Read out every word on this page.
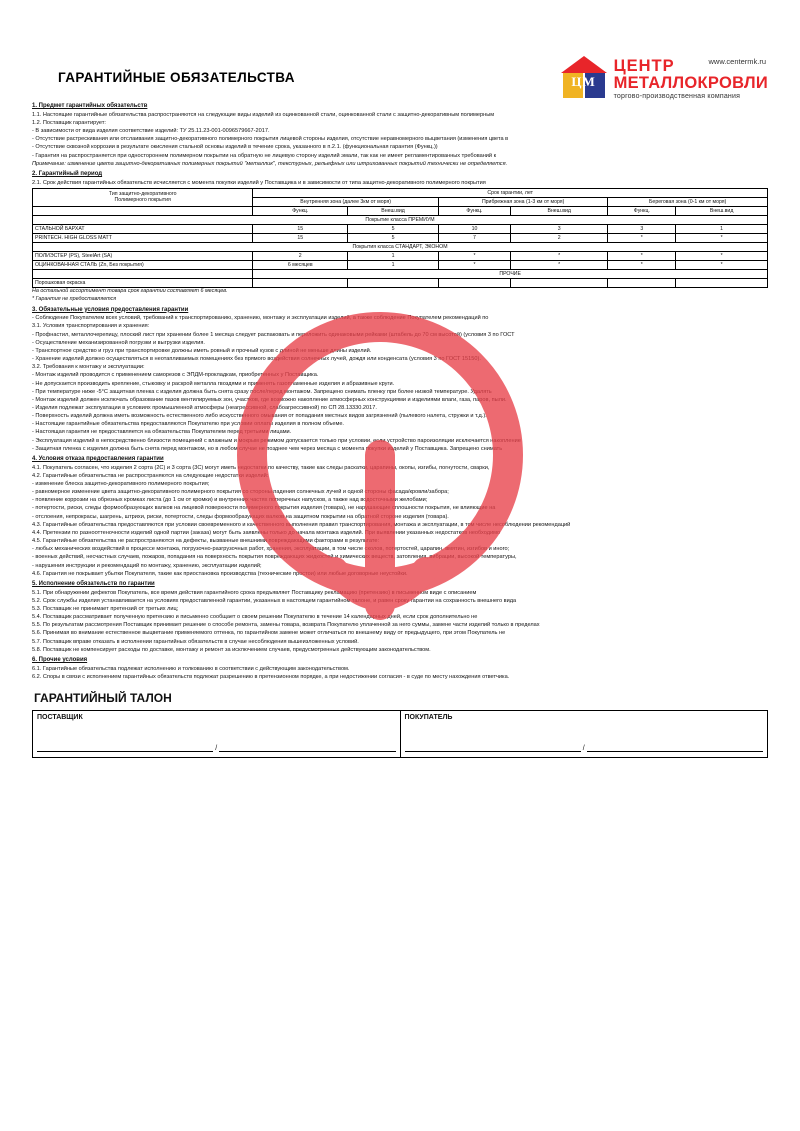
ГАРАНТИЙНЫЕ ОБЯЗАТЕЛЬСТВА
www.centermk.ru
ЦМ
ЦЕНТР
МЕТАЛЛОКРОВЛИ
торгово-производственная компания
1. Предмет гарантийных обязательств

1.1. Настоящие гарантийные обязательства распространяются на следующие виды изделий из оцинкованной стали, оцинкованной стали с защитно-декоративным полимерным

1.2. Поставщик гарантирует:

- В зависимости от вида изделия соответствие изделий: ТУ 25.11.23-001-0096579667-2017.

- Отсутствие растрескивания или отслаивания защитно-декоративного полимерного покрытия лицевой стороны изделия, отсутствие неравномерного выцветания (изменения цвета в

- Отсутствие сквозной коррозии в результате окисления стальной основы изделий в течение срока, указанного в п.2.1. (функциональная гарантия (Функц.))

- Гарантия на распространяется при одностороннем полимерном покрытии на обратную не лицевую сторону изделий эмали, так как не имеет регламентированных требований к

Примечание: изменение цвета защитно-декоративных полимерных покрытий "металлик", текстурных, рельефных или штрихованных покрытий технически не определяется.

2. Гарантийный период

2.1. Срок действия гарантийных обязательств исчисляется с момента покупки изделий у Поставщика и в зависимости от типа защитно-декоративного полимерного покрытия

Тип защитно-декоративного
Полимерного покрытия	Срок гарантии, лет					
	Внутренняя зона (далее 3км от моря)		Прибрежная зона (1-3 км от моря)		Береговая зона (0-1 км от моря)	
	Функц.	Внеш.вид	Функц.	Внеш.вид	Функц.	Внеш.вид
Покрытие класса ПРЕМИУМ						
СТАЛЬНОЙ БАРХАТ	15	5	10	3	3	1
PRINTECH. HIGH GLOSS MATT	15	5	7	2	*	*
Покрытия класса СТАНДАРТ, ЭКОНОМ						
ПОЛИЭСТЕР (PS), SteelArt (SA)	2	1	*	*	*	*
ОЦИНКОВАННАЯ СТАЛЬ (Zn, Без покрытия)	6 месяцев	1	*	*	*	*
	ПРОЧИЕ					
Порошковая окраска						

На остальной ассортимент товара срок гарантии составляет 6 месяцев.

* Гарантия не предоставляется

3. Обязательные условия предоставления гарантии

- Соблюдение Покупателем всех условий, требований к транспортированию, хранению, монтажу и эксплуатации изделий, а также соблюдение Покупателем рекомендаций по

3.1. Условия транспортирования и хранения:

- Профнастил, металлочерепицу, плоский лист при хранении более 1 месяца следует распаковать и переложить одинаковыми рейками (штабель до 70 см высотой) (условия 3 по ГОСТ

- Осуществление механизированной погрузки и выгрузки изделия.

- Транспортное средство и груз при транспортировке должны иметь ровный и прочный кузов с длиной не меньше длины изделий.

- Хранение изделий должно осуществляться в неотапливаемых помещениях без прямого воздействия солнечных лучей, дождя или конденсата (условия 3 по ГОСТ 15150).

3.2. Требования к монтажу и эксплуатации:

- Монтаж изделий проводится с применением саморезов с ЭПДМ-прокладкам, приобретенных у Поставщика.

- Не допускается производить крепление, стыковку и раскрой металла гвоздями и применять газопламенные изделия и абразивные круги.

- При температуре ниже -5°С защитная пленка с изделия должна быть снята сразу после/перед монтажом. Запрещено снимать пленку при более низкой температуре. Удалять

- Монтаж изделий должен исключать образование пазов вентилируемых зон, участков, где возможно накопление атмосферных конструкциями и изделиями влаги, газа, паров, пыли.

- Изделия подлежат эксплуатации в условиях промышленной атмосферы (неагрессивной, слабоагрессивной) по СП 28.13330.2017.

- Поверхность изделий должна иметь возможность естественного либо искусственного омывания от попадания местных видов загрязнений (пылевого налета, стружки и т.д.).

- Настоящие гарантийные обязательства предоставляются Покупателю при условии оплаты изделия в полном объеме.

- Настоящая гарантия не предоставляется на обязательства Покупателем перед третьими лицами.

- Эксплуатация изделий в непосредственно близости помещений с влажным и мокрым режимом допускается только при условии, если устройство пароизоляции исключается накопление

- Защитная пленка с изделия должна быть снята перед монтажом, но в любом случае не позднее чем через месяца с момента покупки изделий у Поставщика. Запрещено снимать

4. Условия отказа предоставления гарантии

4.1. Покупатель согласен, что изделия 2 сорта (2С) и 3 сорта (3С) могут иметь недостатки по качеству, такие как следы раскатки, царапины, окопы, изгибы, погнутости, сварки,

4.2. Гарантийные обязательства не распространяются на следующие недостатки изделий:

- изменение блеска защитно-декоративного полимерного покрытия;

- равномерное изменение цвета защитно-декоративного полимерного покрытия со стороны падения солнечных лучей и одной стороны фасада/кровли/забора;

- появление коррозии на обрезных кромках листа (до 1 см от кромки) и внутренних частях поперечных напусков, а также над водосточными желобами;

- потертости, риски, следы формообразующих валков на лицевой поверхности полимерного покрытия изделия (товара), не нарушающие сплошности покрытия, не влияющие на

- отслоения, непрокрасы, шагрень, штрихи, риски, потертости, следы формообразующих валков на защитном покрытии на обратной стороне изделия (товара).

4.3. Гарантийные обязательства предоставляются при условии своевременного и качественного выполнения правил транспортирования, монтажа и эксплуатации, в том числе несоблюдении рекомендаций

4.4. Претензии по разнооттеночности изделий одной партии (заказа) могут быть заявлены только до начала монтажа изделий. При выявлении указанных недостатков необходимо

4.5. Гарантийные обязательства не распространяются на дефекты, вызванные внешними повреждающими факторами в результате:

- любых механических воздействий в процессе монтажа, погрузочно-разгрузочных работ, хранения, эксплуатации, в том числе сколов, потертостей, царапин, вмятин, изгибов и иного;

- военных действий, несчастных случаев, пожаров, попадания на поверхность покрытия повреждающих жидкостей и химических веществ, затопления, вибрации, высокой температуры,

- нарушения инструкции и рекомендаций по монтажу, хранению, эксплуатации изделий;

4.6. Гарантия не покрывает убытки Покупателя, такие как приостановка производства (технические простои) или любые договорные неустойки.

5. Исполнение обязательств по гарантии

5.1. При обнаружении дефектов Покупатель, все время действия гарантийного срока предъявляет Поставщику рекламацию (претензию) в письменном виде с описанием

5.2. Срок службы изделия устанавливается на условиях предоставленной гарантии, указанных в настоящем гарантийном талоне, и равен сроку гарантии на сохранность внешнего вида

5.3. Поставщик не принимает претензий от третьих лиц;

5.4. Поставщик рассматривает полученную претензию и письменно сообщает о своем решении Покупателю в течение 14 календарных дней, если срок дополнительно не

5.5. По результатам рассмотрения Поставщик принимает решение о способе ремонта, замены товара, возврата Покупателю уплаченной за него суммы, замене части изделий только в пределах

5.6. Принимая во внимание естественное выцветание применяемого оттенка, по гарантийном замене может отличаться по внешнему виду от предыдущего, при этом Покупатель не

5.7. Поставщик вправе отказать в исполнении гарантийных обязательств в случае несоблюдения вышеизложенных условий.

5.8. Поставщик не компенсирует расходы по доставке, монтажу и ремонт за исключением случаев, предусмотренных действующим законодательством.

6. Прочие условия

6.1. Гарантийные обязательства подлежат исполнению и толкованию в соответствии с действующим законодательством.

6.2. Споры в связи с исполнением гарантийных обязательств подлежат разрешению в претензионном порядке, а при недостижении согласия - в суде по месту нахождения ответчика.

ГАРАНТИЙНЫЙ ТАЛОН
ПОСТАВЩИК
/
ПОКУПАТЕЛЬ
/
